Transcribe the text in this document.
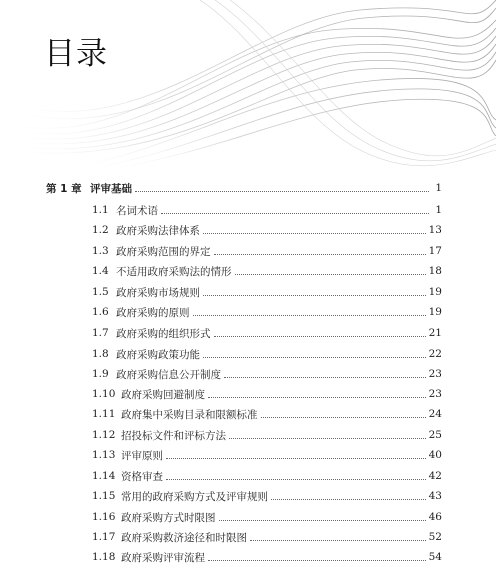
目录
第 1 章 评审基础	1
1.1 名词术语	1
1.2 政府采购法律体系	13
1.3 政府采购范围的界定	17
1.4 不适用政府采购法的情形	18
1.5 政府采购市场规则	19
1.6 政府采购的原则	19
1.7 政府采购的组织形式	21
1.8 政府采购政策功能	22
1.9 政府采购信息公开制度	23
1.10 政府采购回避制度	23
1.11 政府集中采购目录和限额标准	24
1.12 招投标文件和评标方法	25
1.13 评审原则	40
1.14 资格审查	42
1.15 常用的政府采购方式及评审规则	43
1.16 政府采购方式时限图	46
1.17 政府采购救济途径和时限图	52
1.18 政府采购评审流程	54
